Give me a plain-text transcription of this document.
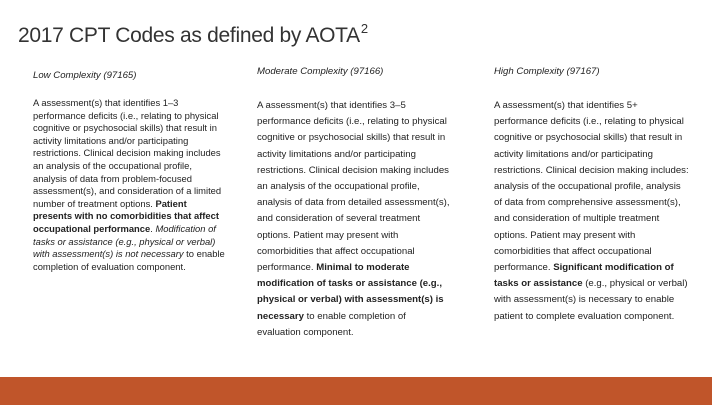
2017 CPT Codes as defined by AOTA$^2$
Low Complexity (97165)
A assessment(s) that identifies 1–3 performance deficits (i.e., relating to physical cognitive or psychosocial skills) that result in activity limitations and/or participating restrictions. Clinical decision making includes an analysis of the occupational profile, analysis of data from problem-focused assessment(s), and consideration of a limited number of treatment options. Patient presents with no comorbidities that affect occupational performance. Modification of tasks or assistance (e.g., physical or verbal) with assessment(s) is not necessary to enable completion of evaluation component.
Moderate Complexity (97166)
A assessment(s) that identifies 3–5 performance deficits (i.e., relating to physical cognitive or psychosocial skills) that result in activity limitations and/or participating restrictions. Clinical decision making includes an analysis of the occupational profile, analysis of data from detailed assessment(s), and consideration of several treatment options. Patient may present with comorbidities that affect occupational performance. Minimal to moderate modification of tasks or assistance (e.g., physical or verbal) with assessment(s) is necessary to enable completion of evaluation component.
High Complexity (97167)
A assessment(s) that identifies 5+ performance deficits (i.e., relating to physical cognitive or psychosocial skills) that result in activity limitations and/or participating restrictions. Clinical decision making includes: analysis of the occupational profile, analysis of data from comprehensive assessment(s), and consideration of multiple treatment options. Patient may present with comorbidities that affect occupational performance. Significant modification of tasks or assistance (e.g., physical or verbal) with assessment(s) is necessary to enable patient to complete evaluation component.
